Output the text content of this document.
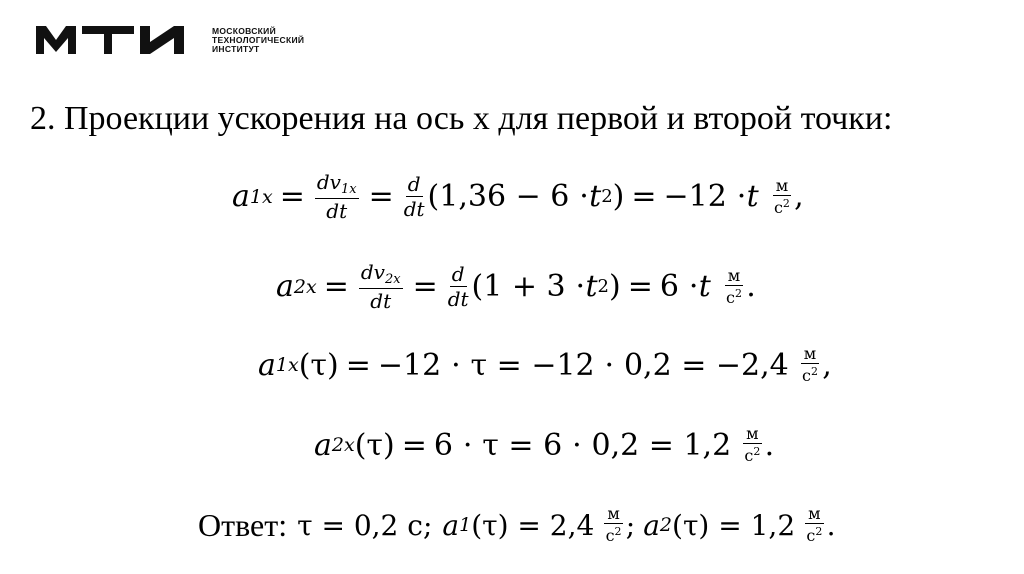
МОСКОВСКИЙ
ТЕХНОЛОГИЧЕСКИЙ
ИНСТИТУТ
2. Проекции ускорения на ось x для первой и второй точки:
a $1x = \frac{dv_{1x}}{dt} = \frac{d}{dt} (1,36 - 6 \cdot t$ 2 ) = −12 ⋅ t $\frac{м}{с^2}$ ,
a $2x = \frac{dv_{2x}}{dt} = \frac{d}{dt} (1 + 3 \cdot t$ 2 ) = 6 ⋅ t $\frac{м}{с^2}$ .
a 1x $(\tau) = -12 \cdot \tau = -12 \cdot 0,2 = -2,4 \frac{м}{с^2}$ ,
a 2x $(\tau) = 6 \cdot \tau = 6 \cdot 0,2 = 1,2 \frac{м}{с^2}$ .
Ответ: τ = 0,2 с; a 1 $(\tau) = 2,4 \frac{м}{с^2}$ ; a 2 $(\tau) = 1,2 \frac{м}{с^2}$ .
